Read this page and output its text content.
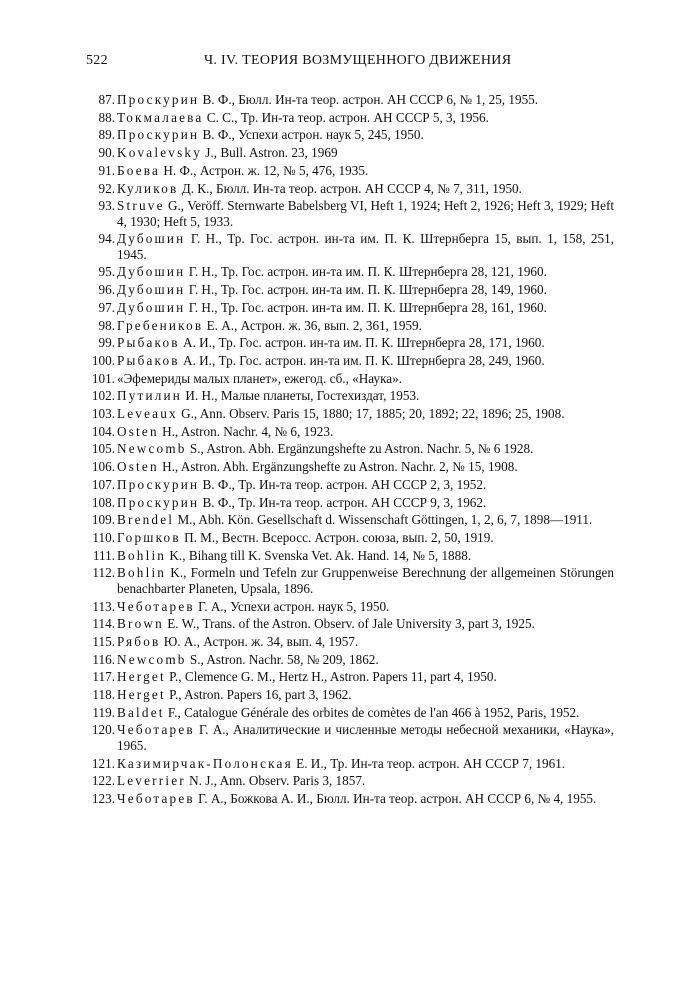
522	Ч. IV. ТЕОРИЯ ВОЗМУЩЕННОГО ДВИЖЕНИЯ
87. Проскурин В. Ф., Бюлл. Ин-та теор. астрон. АН СССР 6, № 1, 25, 1955.
88. Токмалаева С. С., Тр. Ин-та теор. астрон. АН СССР 5, 3, 1956.
89. Проскурин В. Ф., Успехи астрон. наук 5, 245, 1950.
90. Kovalevsky J., Bull. Astron. 23, 1969
91. Боева Н. Ф., Астрон. ж. 12, № 5, 476, 1935.
92. Куликов Д. К., Бюлл. Ин-та теор. астрон. АН СССР 4, № 7, 311, 1950.
93. Struve G., Veröff. Sternwarte Babelsberg VI, Heft 1, 1924; Heft 2, 1926; Heft 3, 1929; Heft 4, 1930; Heft 5, 1933.
94. Дубошин Г. Н., Тр. Гос. астрон. ин-та им. П. К. Штернберга 15, вып. 1, 158, 251, 1945.
95. Дубошин Г. Н., Тр. Гос. астрон. ин-та им. П. К. Штернберга 28, 121, 1960.
96. Дубошин Г. Н., Тр. Гос. астрон. ин-та им. П. К. Штернберга 28, 149, 1960.
97. Дубошин Г. Н., Тр. Гос. астрон. ин-та им. П. К. Штернберга 28, 161, 1960.
98. Гребеников Е. А., Астрон. ж. 36, вып. 2, 361, 1959.
99. Рыбаков А. И., Тр. Гос. астрон. ин-та им. П. К. Штернберга 28, 171, 1960.
100. Рыбаков А. И., Тр. Гос. астрон. ин-та им. П. К. Штернберга 28, 249, 1960.
101. «Эфемериды малых планет», ежегод. сб., «Наука».
102. Путилин И. Н., Малые планеты, Гостехиздат, 1953.
103. Leveaux G., Ann. Observ. Paris 15, 1880; 17, 1885; 20, 1892; 22, 1896; 25, 1908.
104. Osten H., Astron. Nachr. 4, № 6, 1923.
105. Newcomb S., Astron. Abh. Ergänzungshefte zu Astron. Nachr. 5, № 6 1928.
106. Osten H., Astron. Abh. Ergänzungshefte zu Astron. Nachr. 2, № 15, 1908.
107. Проскурин В. Ф., Тр. Ин-та теор. астрон. АН СССР 2, 3, 1952.
108. Проскурин В. Ф., Тр. Ин-та теор. астрон. АН СССР 9, 3, 1962.
109. Brendel M., Abh. Kön. Gesellschaft d. Wissenschaft Göttingen, 1, 2, 6, 7, 1898—1911.
110. Горшков П. М., Вестн. Всеросс. Астрон. союза, вып. 2, 50, 1919.
111. Bohlin K., Bihang till K. Svenska Vet. Ak. Hand. 14, № 5, 1888.
112. Bohlin K., Formeln und Tefeln zur Gruppenweise Berechnung der allgemeinen Störungen benachbarter Planeten, Upsala, 1896.
113. Чеботарев Г. А., Успехи астрон. наук 5, 1950.
114. Brown E. W., Trans. of the Astron. Observ. of Jale University 3, part 3, 1925.
115. Рябов Ю. А., Астрон. ж. 34, вып. 4, 1957.
116. Newcomb S., Astron. Nachr. 58, № 209, 1862.
117. Herget P., Clemence G. M., Hertz H., Astron. Papers 11, part 4, 1950.
118. Herget P., Astron. Papers 16, part 3, 1962.
119. Baldet F., Catalogue Générale des orbites de comètes de l'an 466 à 1952, Paris, 1952.
120. Чеботарев Г. А., Аналитические и численные методы небесной механики, «Наука», 1965.
121. Казимирчак-Полонская Е. И., Тр. Ин-та теор. астрон. АН СССР 7, 1961.
122. Leverrier N. J., Ann. Observ. Paris 3, 1857.
123. Чеботарев Г. А., Божкова А. И., Бюлл. Ин-та теор. астрон. АН СССР 6, № 4, 1955.
